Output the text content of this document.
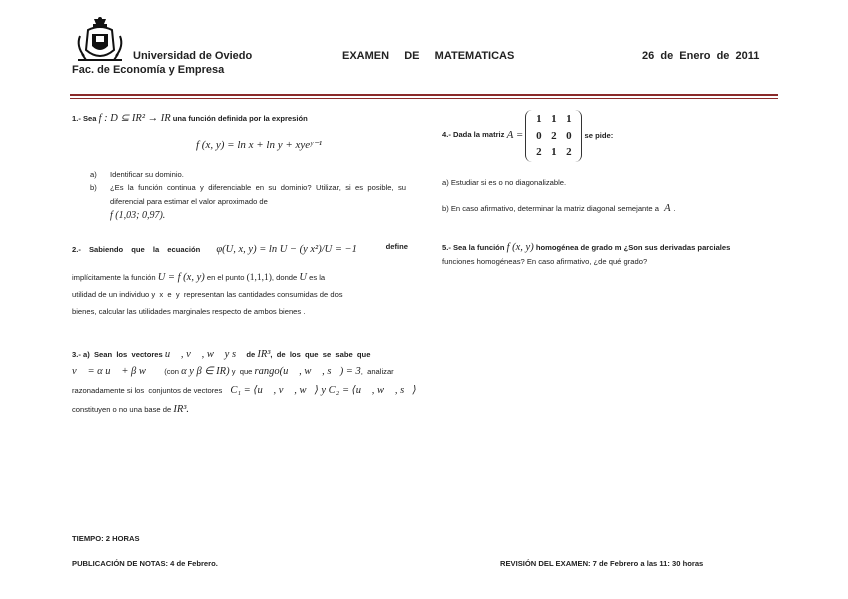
Universidad de Oviedo
Fac. de Economía y Empresa
EXAMEN   DE   MATEMATICAS	26  de  Enero  de  2011
1.- Sea f : D ⊆ IR² → IR una función definida por la expresión
f (x, y) = ln x + ln y + xyeʸ⁻¹
a) Identificar su dominio.
b) ¿Es la función continua y diferenciable en su dominio? Utilizar, si es posible, su diferencial para estimar el valor aproximado de
f (1,03; 0,97).
2.- Sabiendo que la ecuación φ(U, x, y) = ln U − (y x²)/U = −1	define
implícitamente la función U = f (x, y) en el punto (1,1,1), donde U es la
utilidad de un individuo y  x  e  y  representan las cantidades consumidas de dos
bienes, calcular las utilidades marginales respecto de ambos bienes .
3.- a)  Sean  los  vectores u⃗ , v⃗ , w⃗ y s⃗ de IR³,  de  los  que  se  sabe  que
v⃗ = α u⃗ + β w⃗ (con α y β ∈ IR) y  que rango(u⃗ , w⃗ , s⃗) = 3,  analizar
razonadamente si los  conjuntos de vectores C₁ = ⟨u⃗ , v⃗ , w⃗⟩ y C₂ = ⟨u⃗ , w⃗ , s⃗⟩
constituyen o no una base de IR³.
4.- Dada la matriz A =
1 1 1
0 2 0
2 1 2
se pide:
a) Estudiar si es o no diagonalizable.
b) En caso afirmativo, determinar la matriz diagonal semejante a A .
5.- Sea la función f (x, y) homogénea de grado m ¿Son sus derivadas parciales
funciones homogéneas? En caso afirmativo, ¿de qué grado?
TIEMPO: 2 HORAS
PUBLICACIÓN DE NOTAS: 4 de Febrero.	REVISIÓN DEL EXAMEN: 7 de Febrero a las 11: 30 horas
